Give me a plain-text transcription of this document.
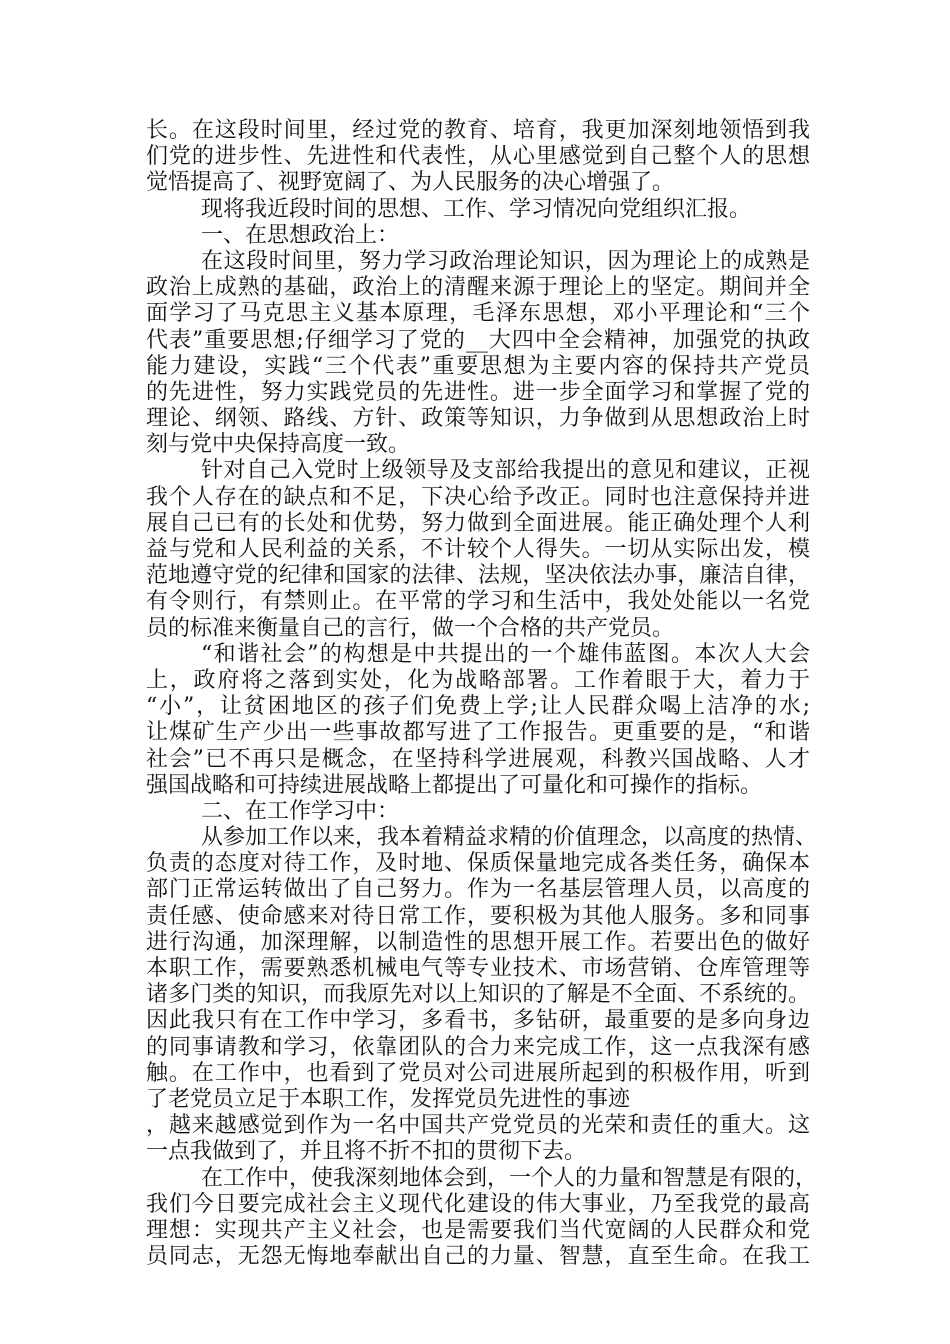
长。在这段时间里，经过党的教育、培育，我更加深刻地领悟到我
们党的进步性、先进性和代表性，从心里感觉到自己整个人的思想
觉悟提高了、视野宽阔了、为人民服务的决心增强了。
现将我近段时间的思想、工作、学习情况向党组织汇报。
一、在思想政治上：
在这段时间里，努力学习政治理论知识，因为理论上的成熟是
政治上成熟的基础，政治上的清醒来源于理论上的坚定。期间并全
面学习了马克思主义基本原理，毛泽东思想，邓小平理论和“三个
代表”重要思想;仔细学习了党的__大四中全会精神，加强党的执政
能力建设，实践“三个代表”重要思想为主要内容的保持共产党员
的先进性，努力实践党员的先进性。进一步全面学习和掌握了党的
理论、纲领、路线、方针、政策等知识，力争做到从思想政治上时
刻与党中央保持高度一致。
针对自己入党时上级领导及支部给我提出的意见和建议，正视
我个人存在的缺点和不足，下决心给予改正。同时也注意保持并进
展自己已有的长处和优势，努力做到全面进展。能正确处理个人利
益与党和人民利益的关系，不计较个人得失。一切从实际出发，模
范地遵守党的纪律和国家的法律、法规，坚决依法办事，廉洁自律，
有令则行，有禁则止。在平常的学习和生活中，我处处能以一名党
员的标准来衡量自己的言行，做一个合格的共产党员。
“和谐社会”的构想是中共提出的一个雄伟蓝图。本次人大会
上，政府将之落到实处，化为战略部署。工作着眼于大，着力于
“小”，让贫困地区的孩子们免费上学;让人民群众喝上洁净的水;
让煤矿生产少出一些事故都写进了工作报告。更重要的是，“和谐
社会”已不再只是概念，在坚持科学进展观，科教兴国战略、人才
强国战略和可持续进展战略上都提出了可量化和可操作的指标。
二、在工作学习中：
从参加工作以来，我本着精益求精的价值理念，以高度的热情、
负责的态度对待工作，及时地、保质保量地完成各类任务，确保本
部门正常运转做出了自己努力。作为一名基层管理人员，以高度的
责任感、使命感来对待日常工作，要积极为其他人服务。多和同事
进行沟通，加深理解，以制造性的思想开展工作。若要出色的做好
本职工作，需要熟悉机械电气等专业技术、市场营销、仓库管理等
诸多门类的知识，而我原先对以上知识的了解是不全面、不系统的。
因此我只有在工作中学习，多看书，多钻研，最重要的是多向身边
的同事请教和学习，依靠团队的合力来完成工作，这一点我深有感
触。在工作中，也看到了党员对公司进展所起到的积极作用，听到
了老党员立足于本职工作，发挥党员先进性的事迹
，越来越感觉到作为一名中国共产党党员的光荣和责任的重大。这
一点我做到了，并且将不折不扣的贯彻下去。
在工作中，使我深刻地体会到，一个人的力量和智慧是有限的，
我们今日要完成社会主义现代化建设的伟大事业，乃至我党的最高
理想：实现共产主义社会，也是需要我们当代宽阔的人民群众和党
员同志，无怨无悔地奉献出自己的力量、智慧，直至生命。在我工
